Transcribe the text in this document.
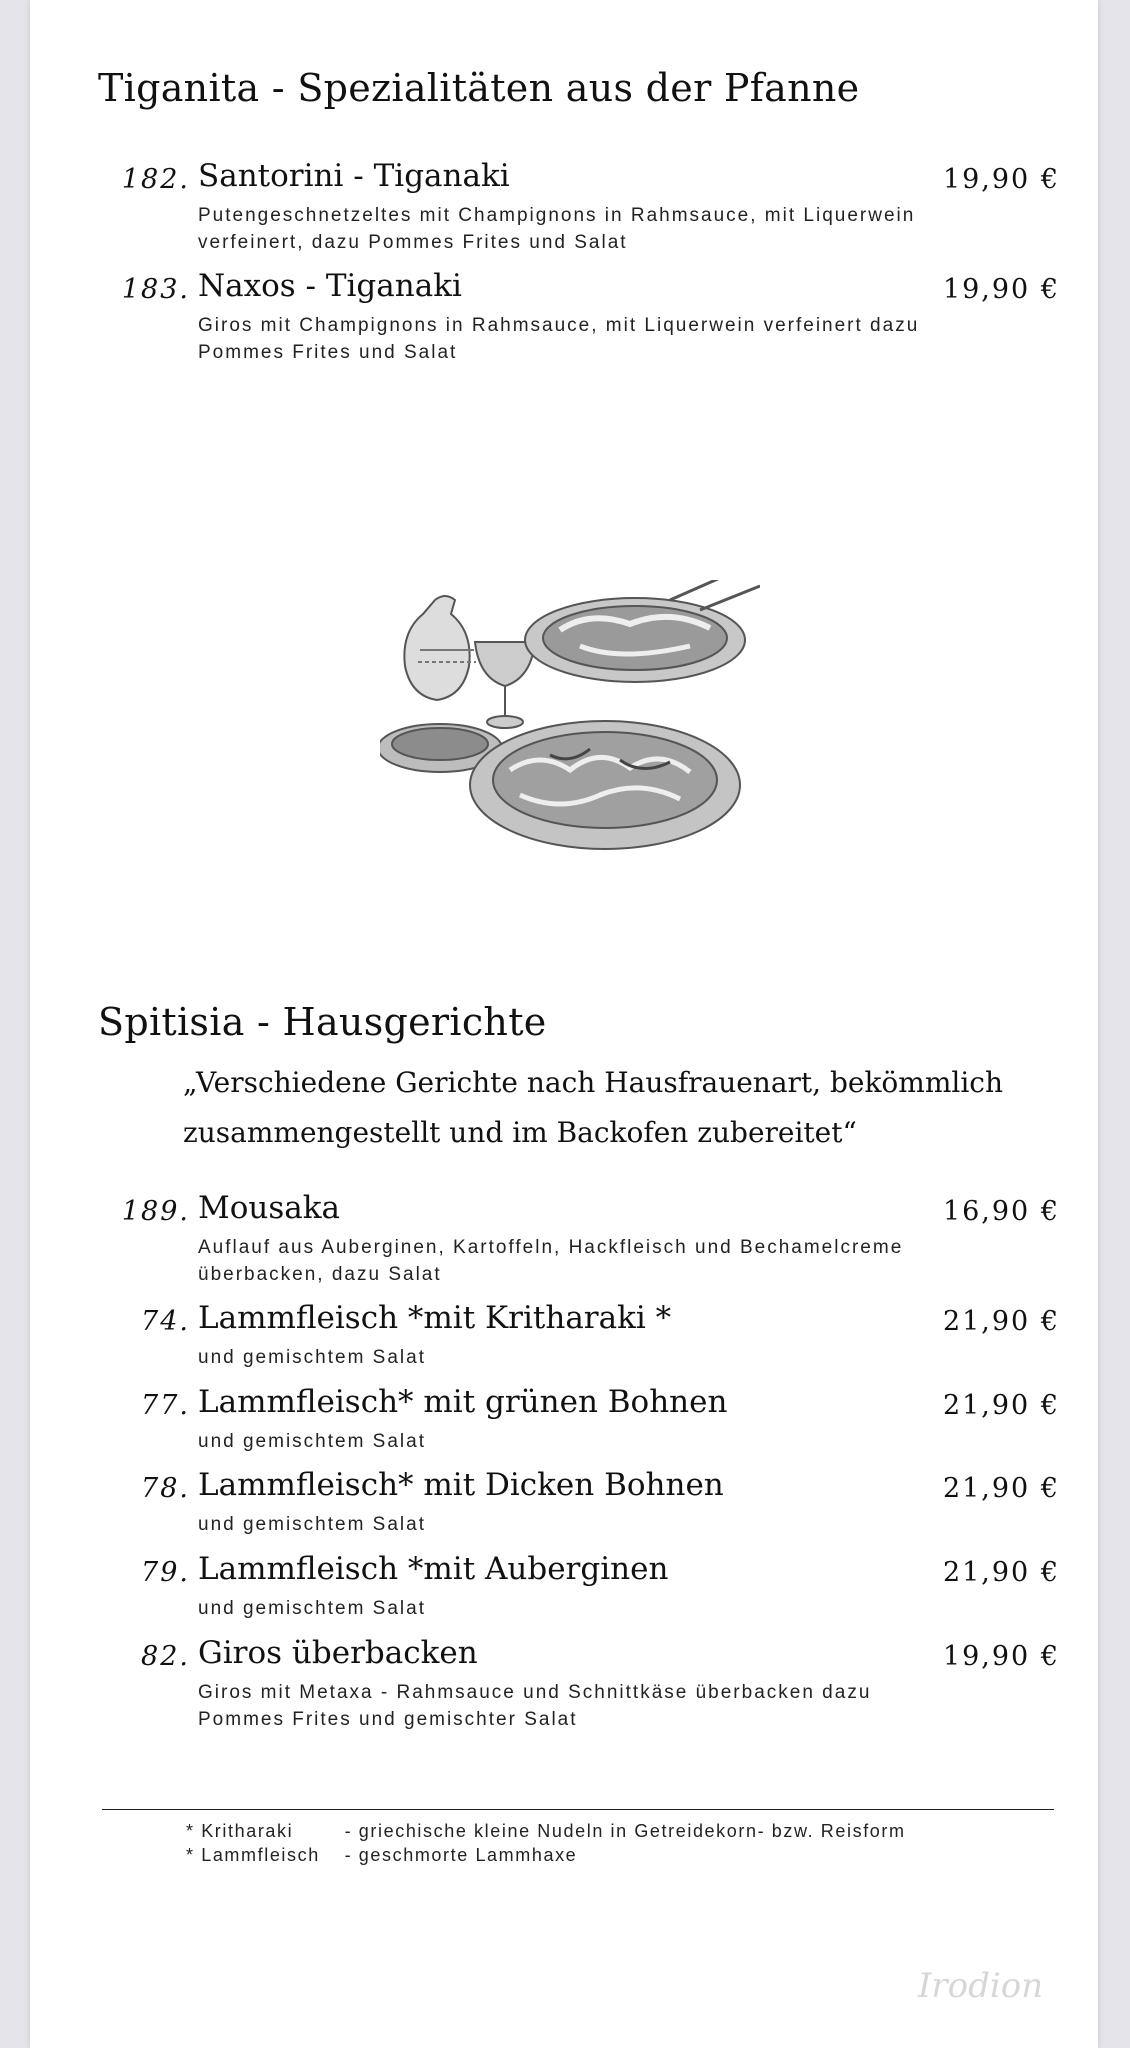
Tiganita - Spezialitäten aus der Pfanne
182. Santorini - Tiganaki	19,90 €
Putengeschnetzeltes mit Champignons in Rahmsauce, mit Liquerwein verfeinert, dazu Pommes Frites und Salat
183. Naxos - Tiganaki	19,90 €
Giros mit Champignons in Rahmsauce, mit Liquerwein verfeinert dazu Pommes Frites und Salat
Spitisia - Hausgerichte

„Verschiedene Gerichte nach Hausfrauenart, bekömmlich zusammengestellt und im Backofen zubereitet“

189. Mousaka	16,90 €
Auflauf aus Auberginen, Kartoffeln, Hackfleisch und Bechamelcreme überbacken, dazu Salat
74. Lammfleisch *mit Kritharaki *	21,90 €
und gemischtem Salat
77. Lammfleisch* mit grünen Bohnen	21,90 €
und gemischtem Salat
78. Lammfleisch* mit Dicken Bohnen	21,90 €
und gemischtem Salat
79. Lammfleisch *mit Auberginen	21,90 €
und gemischtem Salat
82. Giros überbacken	19,90 €
Giros mit Metaxa - Rahmsauce und Schnittkäse überbacken dazu Pommes Frites und gemischter Salat
* Kritharaki	- griechische kleine Nudeln in Getreidekorn- bzw. Reisform
* Lammfleisch - geschmorte Lammhaxe
Irodion
